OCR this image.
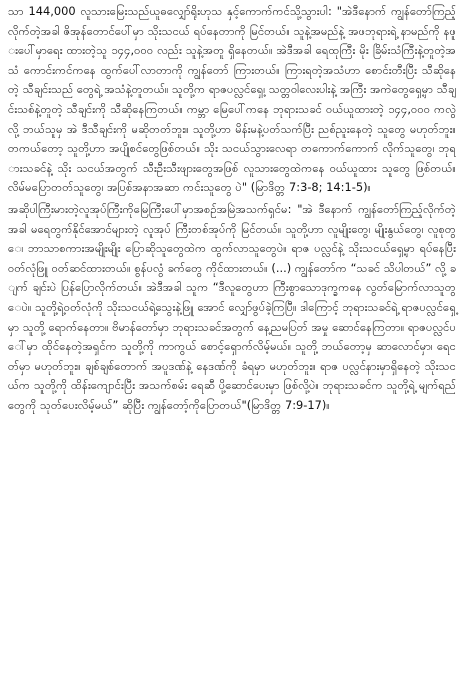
သာ 144,000 လူသားမြေးသည်ယူဓလျှော်ရိုးဟုသ နှင့်ကောက်ကင်သို့သွားပါ: "အဲဒီနောက် ကျွန်တော်ကြည့်လိုက်တဲ့အခါ ဇိအုန်တောင်ပေါ်မှာ သိုးသငယ် ရပ်နေတာကို မြင်တယ်။ သူနဲ့အမည်နဲ့ အဖဘုရားရဲ့ နာမည်ကို နဖူးပေါ်မှာရေး ထားတဲ့သူ ၁၄၄,၀၀၀ လည်း သူနဲ့အတူ ရှိနေတယ်။ အဲဒီအခါ ရေထုကြီး မိုး ခြိမ်းသံကြီးနဲ့တူတဲ့အသံ ကောင်းကင်ကနေ ထွက်ပေါ်လာတာကို ကျွန်တော် ကြားတယ်။ ကြားရတဲ့အသံဟာ စောင်းတီးပြီး သီဆိုနေတဲ့ သီချင်းသည် တွေရဲ့ အသံနဲ့တူတယ်။ သူတို့က ရာဇပလ္လင်ရှေ့၊ သတ္တဝါလေးပါးနဲ့ အကြီး အကဲတွေရှေ့မှာ သီချင်းသစ်နဲ့တူတဲ့ သီချင်းကို သီဆိုနေကြတယ်။ ကမ္ဘာ မြေပေါ်ကနေ ဘုရားသခင် ဝယ်ယူထားတဲ့ ၁၄၄,၀၀၀ ကလွဲလို့ ဘယ်သူမှ အဲ ဒီသီချင်းကို မဆိုတတ်ဘူး။ သူတို့ဟာ မိန်းမနဲ့ပတ်သက်ပြီး ညစ်ညူးနေတဲ့ သူတွေ မဟုတ်ဘူး။ တကယ်တော့ သူတို့ဟာ အပျိုစင်တွေဖြစ်တယ်။ သိုး သငယ်သွားလေရာ တကောက်ကောက် လိုက်သူတွေ၊ ဘုရားသခင်နဲ့ သိုး သငယ်အတွက် သီးဦးသီးဖျားတွေအဖြစ် လူသားတွေထဲကနေ ဝယ်ယူထား သူတွေ ဖြစ်တယ်။ လိမ်မပြောတတ်သူတွေ၊ အပြစ်အနာအဆာ ကင်းသူတွေ ပဲ" (မြာဒိတ္တ 7:3-8; 14:1-5)။

အဆိုပါကြီးမားတဲ့လူအုပ်ကြီးကိုမြေကြီးပေါ်မှာအစဉ်အမြဲအသက်ရှင်မ: "အဲ ဒီနောက် ကျွန်တော်ကြည့်လိုက်တဲ့အခါ မရေတွက်နိုင်အောင်များတဲ့ လူအုပ် ကြီးတစ်အုပ်ကို မြင်တယ်။ သူတို့ဟာ လူမျိုးတွေ၊ မျိုးနွယ်တွေ၊ လူစုတွေ၊ ဘာသာစကားအမျိုးမျိုး ပြောဆိုသူတွေထဲက ထွက်လာသူတွေပဲ။ ရာဇ ပလ္လင်နဲ့ သိုးသငယ်ရှေ့မှာ ရပ်နေပြီး ဝတ်လုံဖြူ ဝတ်ဆင်ထားတယ်။ စွန်ပလွံ ခက်တွေ ကိုင်ထားတယ်။ (...) ကျွန်တော်က “သခင် သိပါတယ်” လို့ ချက် ချင်းပဲ ပြန်ပြောလိုက်တယ်။ အဲဒီအခါ သူက “ဒီလူတွေဟာ ကြီးစွာသောဒုက္ခကနေ လွတ်မြောက်လာသူတွေပဲ။ သူတို့ရဲ့ဝတ်လုံကို သိုးသငယ်ရဲ့သွေးနဲ့ဖြူ အောင် လျှော်ဖွပ်ခဲ့ကြပြီ။ ဒါကြောင့် ဘုရားသခင်ရဲ့ ရာဇပလ္လင်ရှေ့မှာ သူတို့ ရောက်နေတာ။ ဗိမာန်တော်မှာ ဘုရားသခင်အတွက် နေ့ညမပြတ် အမှု ဆောင်နေကြတာ။ ရာဇပလ္လင်ပေါ်မှာ ထိုင်နေတဲ့အရှင်က သူတို့ကို ကာကွယ် စောင့်ရှောက်လိမ့်မယ်။ သူတို့ ဘယ်တော့မှ ဆာလောင်မှာ၊ ရေငတ်မှာ မဟုတ်ဘူး။ ချစ်ချစ်တောက် အပူဒဏ်နဲ့ နေဒဏ်ကို ခံရမှာ မဟုတ်ဘူး။ ရာဇ ပလ္လင်နားမှာရှိနေတဲ့ သိုးသငယ်က သူတို့ကို ထိန်းကျောင်းပြီး အသက်စမ်း ရေဆီ ပို့ဆောင်ပေးမှာ ဖြစ်လို့ပဲ။ ဘုရားသခင်က သူတို့ရဲ့ မျက်ရည်တွေကို သုတ်ပေးလိမ့်မယ်” ဆိုပြီး ကျွန်တော့်ကိုပြောတယ်"(မြာဒိတ္တ 7:9-17)။
